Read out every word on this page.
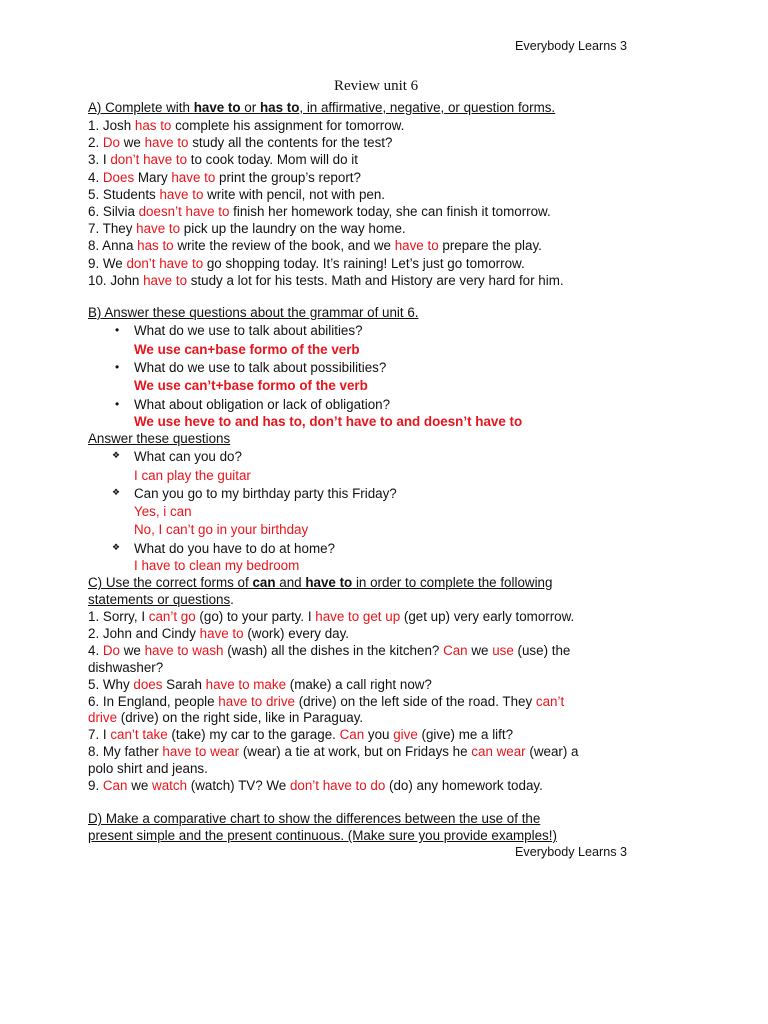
Everybody Learns 3
Review unit 6
A) Complete with have to or has to, in affirmative, negative, or question forms.
1. Josh has to complete his assignment for tomorrow.
2. Do we have to study all the contents for the test?
3. I don’t have to to cook today. Mom will do it
4. Does Mary have to print the group’s report?
5. Students have to write with pencil, not with pen.
6. Silvia doesn’t have to finish her homework today, she can finish it tomorrow.
7. They have to pick up the laundry on the way home.
8. Anna has to write the review of the book, and we have to prepare the play.
9. We don’t have to go shopping today. It’s raining! Let’s just go tomorrow.
10. John have to study a lot for his tests. Math and History are very hard for him.
B) Answer these questions about the grammar of unit 6.
• What do we use to talk about abilities?
We use can+base formo of the verb
• What do we use to talk about possibilities?
We use can’t+base formo of the verb
• What about obligation or lack of obligation?
We use heve to and has to, don’t have to and doesn’t have to
Answer these questions
❖ What can you do?
I can play the guitar
❖ Can you go to my birthday party this Friday?
Yes, i can
No, I can’t go in your birthday
❖ What do you have to do at home?
I have to clean my bedroom
C) Use the correct forms of can and have to in order to complete the following
statements or questions.
1. Sorry, I can’t go (go) to your party. I have to get up (get up) very early tomorrow.
2. John and Cindy have to (work) every day.
4. Do we have to wash (wash) all the dishes in the kitchen? Can we use (use) the
dishwasher?
5. Why does Sarah have to make (make) a call right now?
6. In England, people have to drive (drive) on the left side of the road. They can’t
drive (drive) on the right side, like in Paraguay.
7. I can’t take (take) my car to the garage. Can you give (give) me a lift?
8. My father have to wear (wear) a tie at work, but on Fridays he can wear (wear) a
polo shirt and jeans.
9. Can we watch (watch) TV? We don’t have to do (do) any homework today.
D) Make a comparative chart to show the differences between the use of the
present simple and the present continuous. (Make sure you provide examples!)
Everybody Learns 3
